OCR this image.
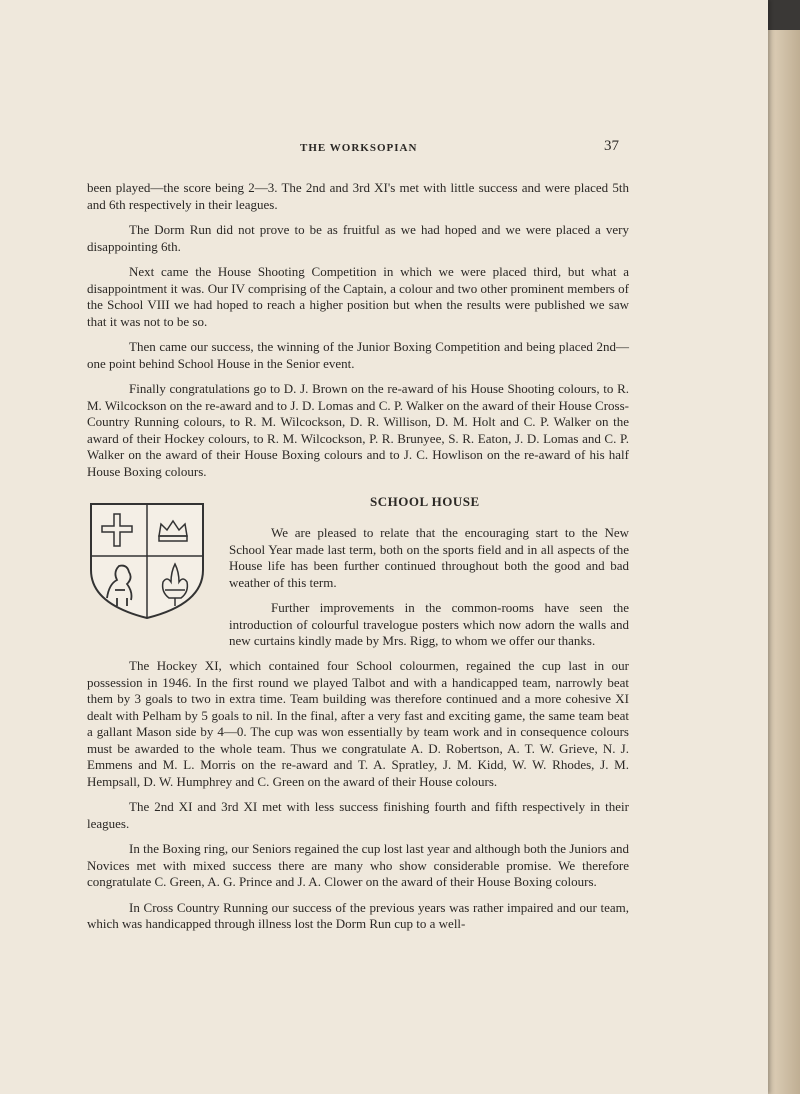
THE WORKSOPIAN	37

been played—the score being 2—3. The 2nd and 3rd XI's met with little success and were placed 5th and 6th respectively in their leagues.

The Dorm Run did not prove to be as fruitful as we had hoped and we were placed a very disappointing 6th.

Next came the House Shooting Competition in which we were placed third, but what a disappointment it was. Our IV comprising of the Captain, a colour and two other prominent members of the School VIII we had hoped to reach a higher position but when the results were published we saw that it was not to be so.

Then came our success, the winning of the Junior Boxing Competition and being placed 2nd—one point behind School House in the Senior event.

Finally congratulations go to D. J. Brown on the re-award of his House Shooting colours, to R. M. Wilcockson on the re-award and to J. D. Lomas and C. P. Walker on the award of their House Cross-Country Running colours, to R. M. Wilcockson, D. R. Willison, D. M. Holt and C. P. Walker on the award of their Hockey colours, to R. M. Wilcockson, P. R. Brunyee, S. R. Eaton, J. D. Lomas and C. P. Walker on the award of their House Boxing colours and to J. C. Howlison on the re-award of his half House Boxing colours.

SCHOOL HOUSE

We are pleased to relate that the encouraging start to the New School Year made last term, both on the sports field and in all aspects of the House life has been further continued throughout both the good and bad weather of this term.

Further improvements in the common-rooms have seen the introduction of colourful travelogue posters which now adorn the walls and new curtains kindly made by Mrs. Rigg, to whom we offer our thanks.

The Hockey XI, which contained four School colourmen, regained the cup last in our possession in 1946. In the first round we played Talbot and with a handicapped team, narrowly beat them by 3 goals to two in extra time. Team building was therefore continued and a more cohesive XI dealt with Pelham by 5 goals to nil. In the final, after a very fast and exciting game, the same team beat a gallant Mason side by 4—0. The cup was won essentially by team work and in consequence colours must be awarded to the whole team. Thus we congratulate A. D. Robertson, A. T. W. Grieve, N. J. Emmens and M. L. Morris on the re-award and T. A. Spratley, J. M. Kidd, W. W. Rhodes, J. M. Hempsall, D. W. Humphrey and C. Green on the award of their House colours.

The 2nd XI and 3rd XI met with less success finishing fourth and fifth respectively in their leagues.

In the Boxing ring, our Seniors regained the cup lost last year and although both the Juniors and Novices met with mixed success there are many who show considerable promise. We therefore congratulate C. Green, A. G. Prince and J. A. Clower on the award of their House Boxing colours.

In Cross Country Running our success of the previous years was rather impaired and our team, which was handicapped through illness lost the Dorm Run cup to a well-
